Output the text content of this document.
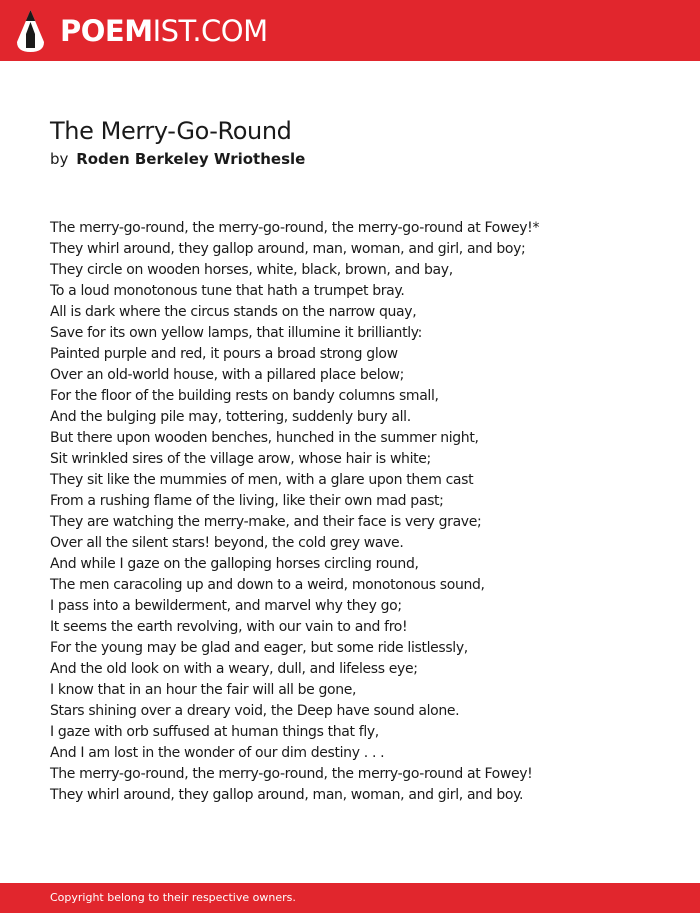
POEMIST.COM
The Merry-Go-Round
by Roden Berkeley Wriothesle
The merry-go-round, the merry-go-round, the merry-go-round at Fowey!*
They whirl around, they gallop around, man, woman, and girl, and boy;
They circle on wooden horses, white, black, brown, and bay,
To a loud monotonous tune that hath a trumpet bray.
All is dark where the circus stands on the narrow quay,
Save for its own yellow lamps, that illumine it brilliantly:
Painted purple and red, it pours a broad strong glow
Over an old-world house, with a pillared place below;
For the floor of the building rests on bandy columns small,
And the bulging pile may, tottering, suddenly bury all.
But there upon wooden benches, hunched in the summer night,
Sit wrinkled sires of the village arow, whose hair is white;
They sit like the mummies of men, with a glare upon them cast
From a rushing flame of the living, like their own mad past;
They are watching the merry-make, and their face is very grave;
Over all the silent stars! beyond, the cold grey wave.
And while I gaze on the galloping horses circling round,
The men caracoling up and down to a weird, monotonous sound,
I pass into a bewilderment, and marvel why they go;
It seems the earth revolving, with our vain to and fro!
For the young may be glad and eager, but some ride listlessly,
And the old look on with a weary, dull, and lifeless eye;
I know that in an hour the fair will all be gone,
Stars shining over a dreary void, the Deep have sound alone.
I gaze with orb suffused at human things that fly,
And I am lost in the wonder of our dim destiny . . .
The merry-go-round, the merry-go-round, the merry-go-round at Fowey!
They whirl around, they gallop around, man, woman, and girl, and boy.
Copyright belong to their respective owners.
